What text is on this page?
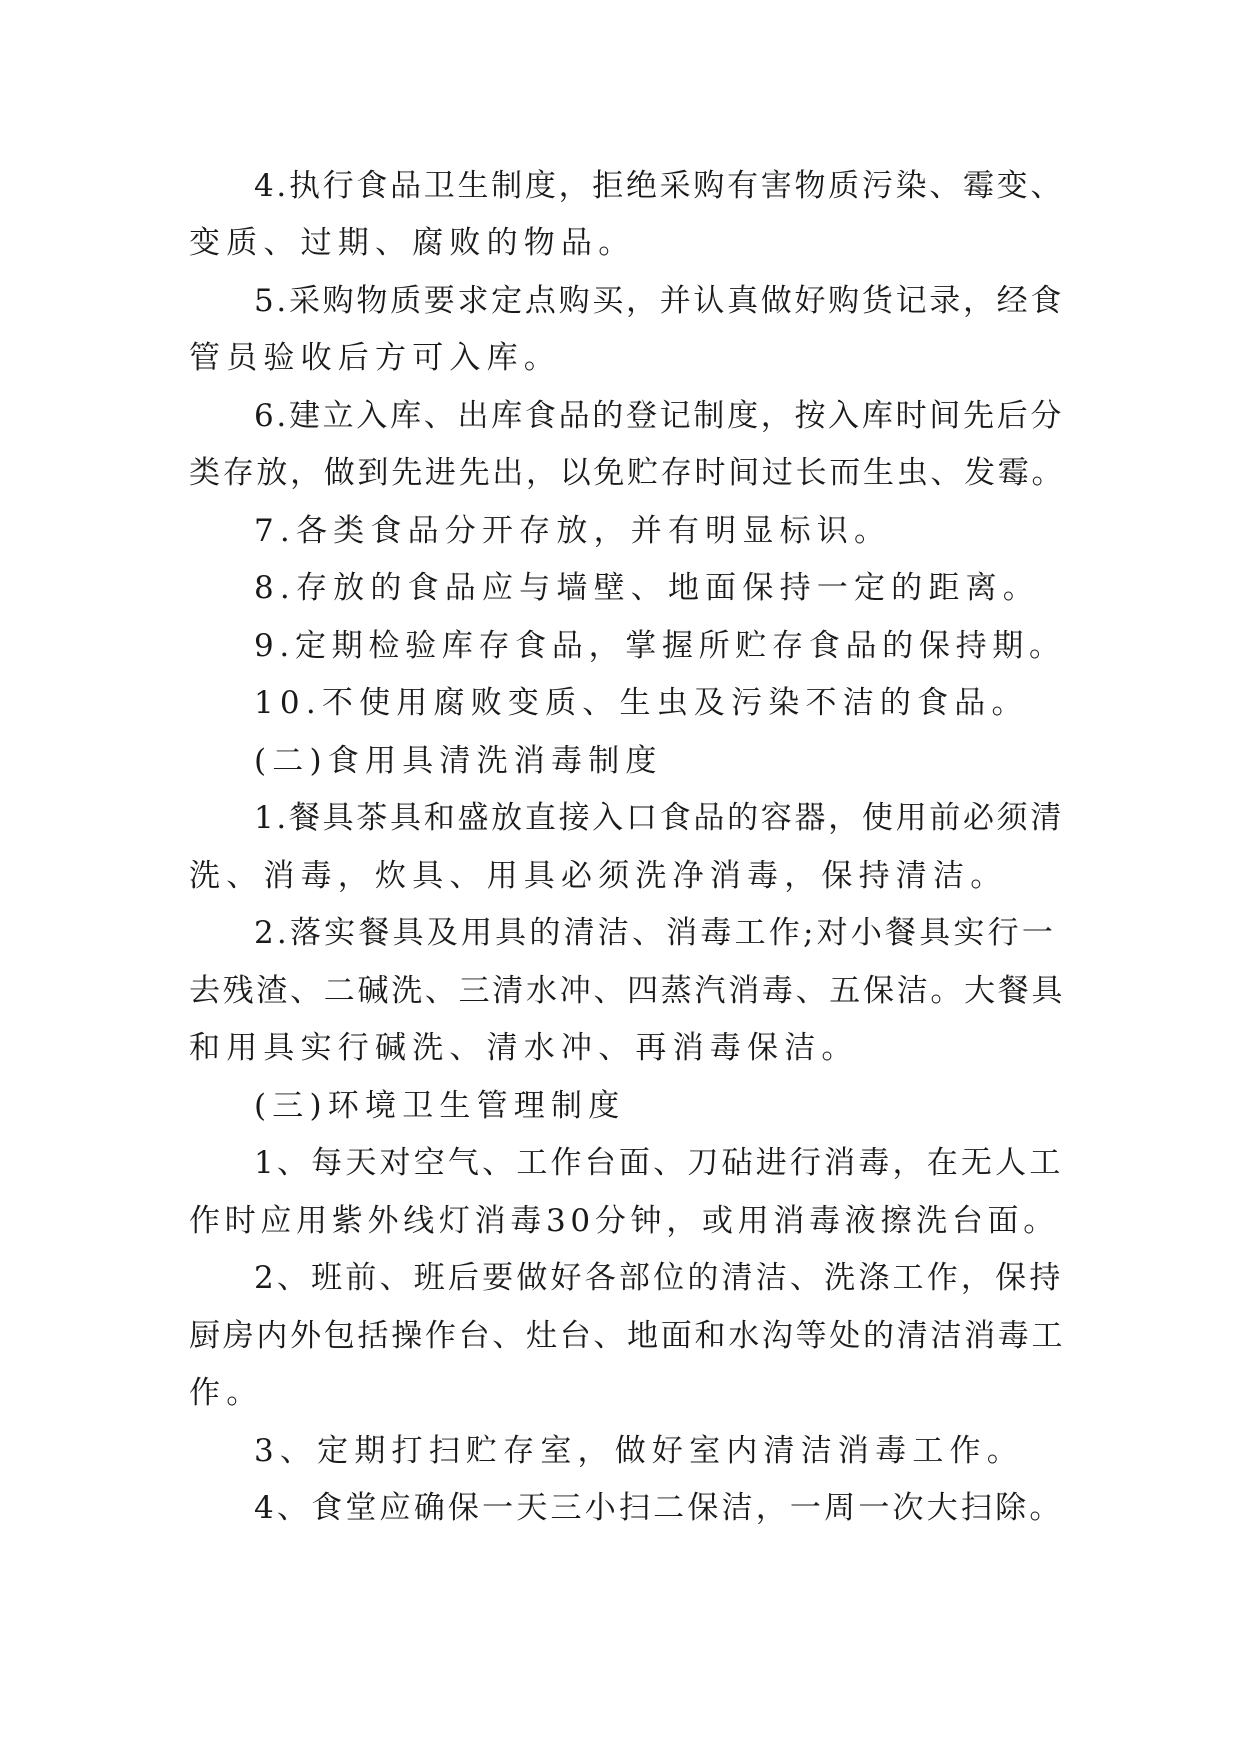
4.执行食品卫生制度，拒绝采购有害物质污染、霉变、

变质、过期、腐败的物品。

5.采购物质要求定点购买，并认真做好购货记录，经食

管员验收后方可入库。

6.建立入库、出库食品的登记制度，按入库时间先后分

类存放，做到先进先出，以免贮存时间过长而生虫、发霉。

7.各类食品分开存放，并有明显标识。

8.存放的食品应与墙壁、地面保持一定的距离。

9.定期检验库存食品，掌握所贮存食品的保持期。

10.不使用腐败变质、生虫及污染不洁的食品。

(二)食用具清洗消毒制度

1.餐具茶具和盛放直接入口食品的容器，使用前必须清

洗、消毒，炊具、用具必须洗净消毒，保持清洁。

2.落实餐具及用具的清洁、消毒工作;对小餐具实行一

去残渣、二碱洗、三清水冲、四蒸汽消毒、五保洁。大餐具

和用具实行碱洗、清水冲、再消毒保洁。

(三)环境卫生管理制度

1、每天对空气、工作台面、刀砧进行消毒，在无人工

作时应用紫外线灯消毒30分钟，或用消毒液擦洗台面。

2、班前、班后要做好各部位的清洁、洗涤工作，保持

厨房内外包括操作台、灶台、地面和水沟等处的清洁消毒工

作。

3、定期打扫贮存室，做好室内清洁消毒工作。

4、食堂应确保一天三小扫二保洁，一周一次大扫除。
